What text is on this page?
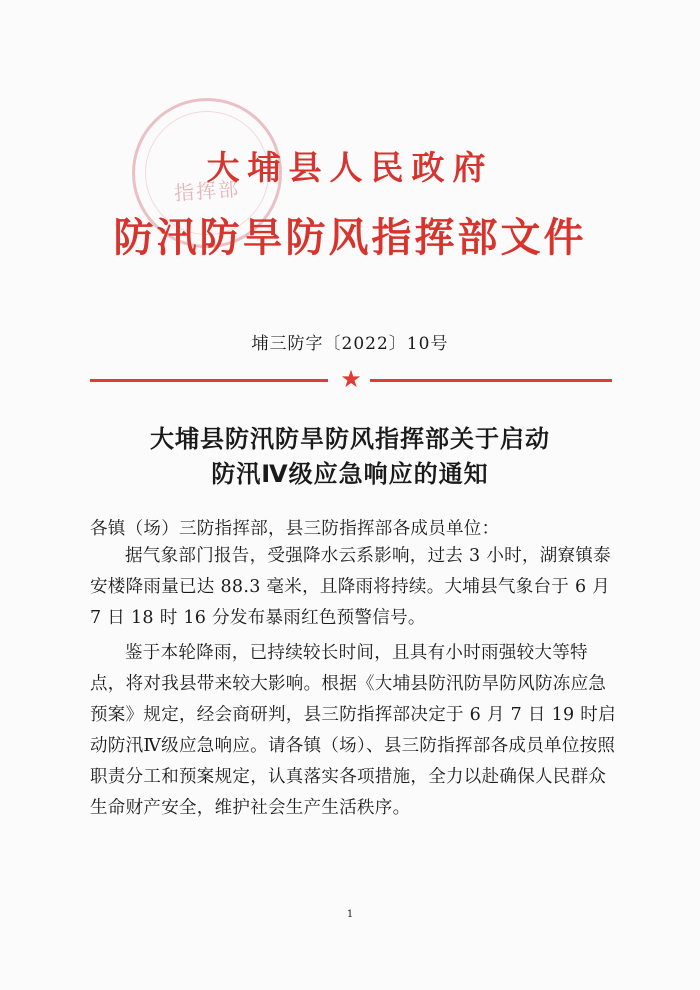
指挥部
大埔县人民政府
防汛防旱防风指挥部文件
埔三防字〔2022〕10号
★
大埔县防汛防旱防风指挥部关于启动
防汛Ⅳ级应急响应的通知

各镇（场）三防指挥部，县三防指挥部各成员单位：

据气象部门报告，受强降水云系影响，过去 3 小时，湖寮镇泰安楼降雨量已达 88.3 毫米，且降雨将持续。大埔县气象台于 6 月 7 日 18 时 16 分发布暴雨红色预警信号。

鉴于本轮降雨，已持续较长时间，且具有小时雨强较大等特点，将对我县带来较大影响。根据《大埔县防汛防旱防风防冻应急预案》规定，经会商研判，县三防指挥部决定于 6 月 7 日 19 时启动防汛Ⅳ级应急响应。请各镇（场）、县三防指挥部各成员单位按照职责分工和预案规定，认真落实各项措施，全力以赴确保人民群众生命财产安全，维护社会生产生活秩序。

1
